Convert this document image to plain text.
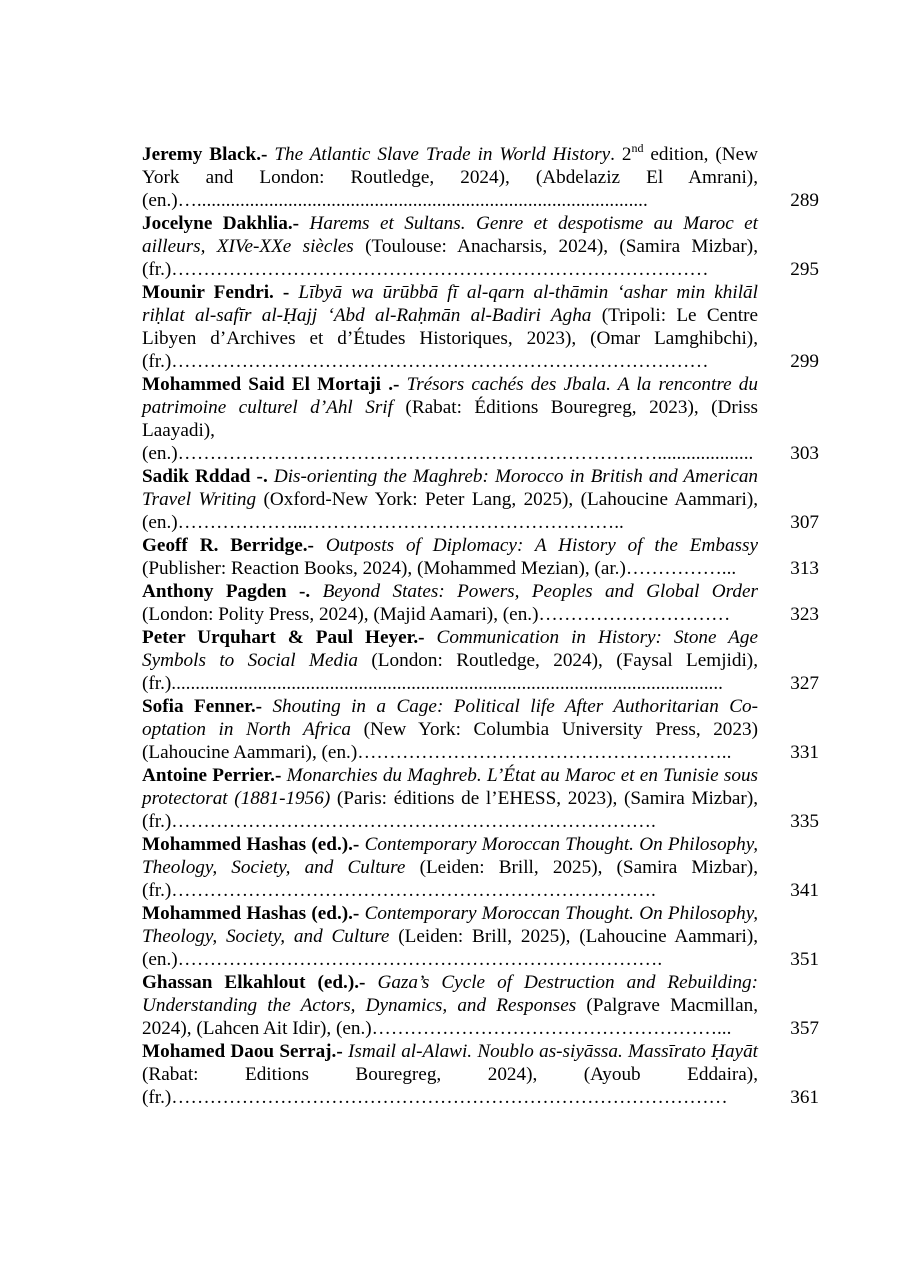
Jeremy Black.- The Atlantic Slave Trade in World History. 2nd edition, (New York and London: Routledge, 2024), (Abdelaziz El Amrani), (en.)…..............................................................................................	289
Jocelyne Dakhlia.- Harems et Sultans. Genre et despotisme au Maroc et ailleurs, XIVe-XXe siècles (Toulouse: Anacharsis, 2024), (Samira Mizbar), (fr.)…………………………………………………………………………	295
Mounir Fendri. - Lībyā wa ūrūbbā fī al-qarn al-thāmin ʻashar min khilāl riḥlat al-safīr al-Ḥajj ʻAbd al-Raḥmān al-Badiri Agha (Tripoli: Le Centre Libyen d’Archives et d’Études Historiques, 2023), (Omar Lamghibchi), (fr.)…………………………………………………………………………	299
Mohammed Said El Mortaji .- Trésors cachés des Jbala. A la rencontre du patrimoine culturel d’Ahl Srif (Rabat: Éditions Bouregreg, 2023), (Driss Laayadi), (en.)…………………………………………………………………....................	303
Sadik Rddad -. Dis-orienting the Maghreb: Morocco in British and American Travel Writing (Oxford-New York: Peter Lang, 2025), (Lahoucine Aammari), (en.)………………...…………………………………………..	307
Geoff R. Berridge.- Outposts of Diplomacy: A History of the Embassy (Publisher: Reaction Books, 2024), (Mohammed Mezian), (ar.)……………...	313
Anthony Pagden -. Beyond States: Powers, Peoples and Global Order (London: Polity Press, 2024), (Majid Aamari), (en.)…………………………	323
Peter Urquhart & Paul Heyer.- Communication in History: Stone Age Symbols to Social Media (London: Routledge, 2024), (Faysal Lemjidi), (fr.)...................................................................................................................	327
Sofia Fenner.- Shouting in a Cage: Political life After Authoritarian Co-optation in North Africa (New York: Columbia University Press, 2023) (Lahoucine Aammari), (en.)…………………………………………………..	331
Antoine Perrier.- Monarchies du Maghreb. L’État au Maroc et en Tunisie sous protectorat (1881-1956) (Paris: éditions de l’EHESS, 2023), (Samira Mizbar), (fr.)………………………………………………………………….	335
Mohammed Hashas (ed.).- Contemporary Moroccan Thought. On Philosophy, Theology, Society, and Culture (Leiden: Brill, 2025), (Samira Mizbar), (fr.)………………………………………………………………….	341
Mohammed Hashas (ed.).- Contemporary Moroccan Thought. On Philosophy, Theology, Society, and Culture (Leiden: Brill, 2025), (Lahoucine Aammari), (en.)………………………………………………………………….	351
Ghassan Elkahlout (ed.).- Gaza’s Cycle of Destruction and Rebuilding: Understanding the Actors, Dynamics, and Responses (Palgrave Macmillan, 2024), (Lahcen Ait Idir), (en.)………………………………………………...	357
Mohamed Daou Serraj.- Ismail al-Alawi. Noublo as-siyāssa. Massīrato Ḥayāt (Rabat: Editions Bouregreg, 2024), (Ayoub Eddaira), (fr.)……………………………………………………………………………	361
